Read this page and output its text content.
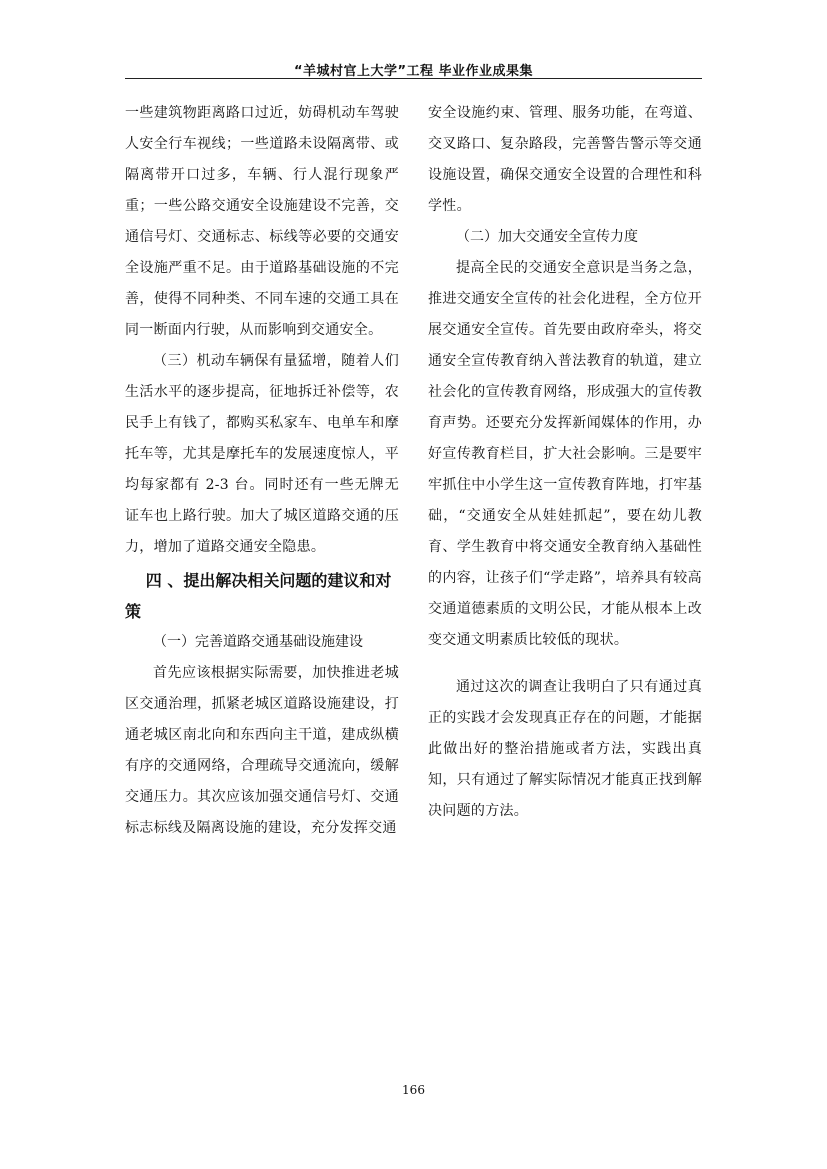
“羊城村官上大学”工程 毕业作业成果集

一些建筑物距离路口过近，妨碍机动车驾驶人安全行车视线；一些道路未设隔离带、或隔离带开口过多，车辆、行人混行现象严重；一些公路交通安全设施建设不完善，交通信号灯、交通标志、标线等必要的交通安全设施严重不足。由于道路基础设施的不完善，使得不同种类、不同车速的交通工具在同一断面内行驶，从而影响到交通安全。

（三）机动车辆保有量猛增，随着人们生活水平的逐步提高，征地拆迁补偿等，农民手上有钱了，都购买私家车、电单车和摩托车等，尤其是摩托车的发展速度惊人，平均每家都有 2-3 台。同时还有一些无牌无证车也上路行驶。加大了城区道路交通的压力，增加了道路交通安全隐患。

四 、提出解决相关问题的建议和对策

（一）完善道路交通基础设施建设

首先应该根据实际需要，加快推进老城区交通治理，抓紧老城区道路设施建设，打通老城区南北向和东西向主干道，建成纵横有序的交通网络，合理疏导交通流向，缓解交通压力。其次应该加强交通信号灯、交通标志标线及隔离设施的建设，充分发挥交通

安全设施约束、管理、服务功能，在弯道、交叉路口、复杂路段，完善警告警示等交通设施设置，确保交通安全设置的合理性和科学性。

（二）加大交通安全宣传力度

提高全民的交通安全意识是当务之急，推进交通安全宣传的社会化进程，全方位开展交通安全宣传。首先要由政府牵头，将交通安全宣传教育纳入普法教育的轨道，建立社会化的宣传教育网络，形成强大的宣传教育声势。还要充分发挥新闻媒体的作用，办好宣传教育栏目，扩大社会影响。三是要牢牢抓住中小学生这一宣传教育阵地，打牢基础，“交通安全从娃娃抓起”，要在幼儿教育、学生教育中将交通安全教育纳入基础性的内容，让孩子们“学走路”，培养具有较高交通道德素质的文明公民，才能从根本上改变交通文明素质比较低的现状。

通过这次的调查让我明白了只有通过真正的实践才会发现真正存在的问题，才能据此做出好的整治措施或者方法，实践出真知，只有通过了解实际情况才能真正找到解决问题的方法。

166
